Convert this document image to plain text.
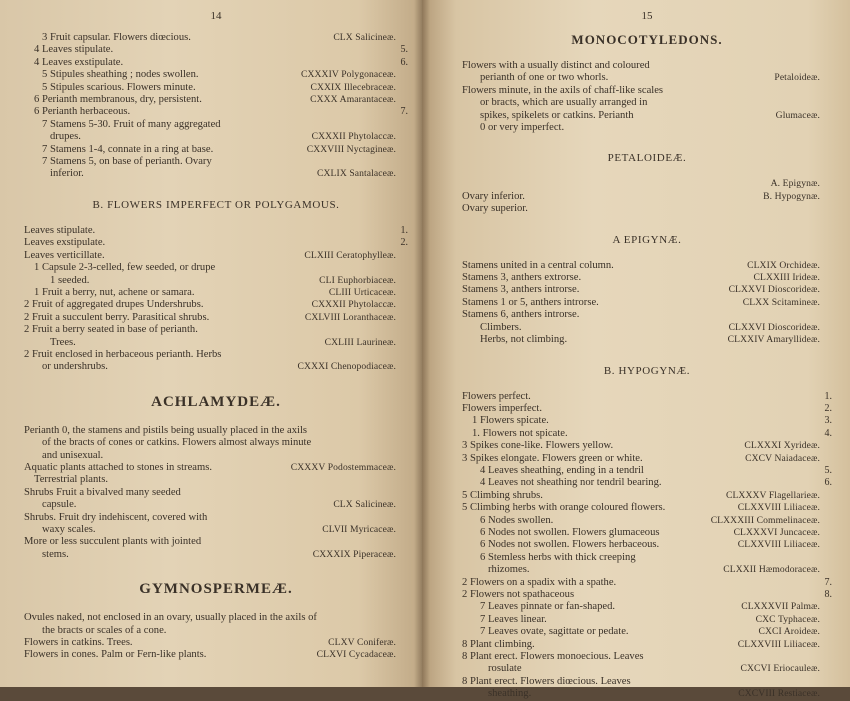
14
3 Fruit capsular. Flowers diœcious.	CLX Salicineæ.
4 Leaves stipulate.	5.
4 Leaves exstipulate.	6.
5 Stipules sheathing ; nodes swollen.	CXXXIV Polygonaceæ.
5 Stipules scarious. Flowers minute.	CXXIX Illecebraceæ.
6 Perianth membranous, dry, persistent.	CXXX Amarantaceæ.
6 Perianth herbaceous.	7.
7 Stamens 5-30. Fruit of many aggregated
drupes.	CXXXII Phytolaccæ.
7 Stamens 1-4, connate in a ring at base.	CXXVIII Nyctagineæ.
7 Stamens 5, on base of perianth. Ovary
inferior.	CXLIX Santalaceæ.
B. FLOWERS IMPERFECT OR POLYGAMOUS.
Leaves stipulate.	1.
Leaves exstipulate.	2.
Leaves verticillate.	CLXIII Ceratophylleæ.
1 Capsule 2-3-celled, few seeded, or drupe
1 seeded.	CLI Euphorbiaceæ.
1 Fruit a berry, nut, achene or samara.	CLIII Urticaceæ.
2 Fruit of aggregated drupes Undershrubs.	CXXXII Phytolaccæ.
2 Fruit a succulent berry. Parasitical shrubs.	CXLVIII Loranthaceæ.
2 Fruit a berry seated in base of perianth.
Trees.	CXLIII Laurineæ.
2 Fruit enclosed in herbaceous perianth. Herbs
or undershrubs.	CXXXI Chenopodiaceæ.
ACHLAMYDEÆ.
Perianth 0, the stamens and pistils being usually placed in the axils
of the bracts of cones or catkins. Flowers almost always minute
and unisexual.
Aquatic plants attached to stones in streams.	CXXXV Podostemmaceæ.
Terrestrial plants.
Shrubs Fruit a bivalved many seeded
capsule.	CLX Salicineæ.
Shrubs. Fruit dry indehiscent, covered with
waxy scales.	CLVII Myricaceæ.
More or less succulent plants with jointed
stems.	CXXXIX Piperaceæ.
GYMNOSPERMEÆ.
Ovules naked, not enclosed in an ovary, usually placed in the axils of
the bracts or scales of a cone.
Flowers in catkins. Trees.	CLXV Coniferæ.
Flowers in cones. Palm or Fern-like plants.	CLXVI Cycadaceæ.
15
MONOCOTYLEDONS.
Flowers with a usually distinct and coloured
perianth of one or two whorls.	Petaloideæ.
Flowers minute, in the axils of chaff-like scales
or bracts, which are usually arranged in
spikes, spikelets or catkins. Perianth	Glumaceæ.
0 or very imperfect.
PETALOIDEÆ.
A. Epigynæ.
Ovary inferior.	B. Hypogynæ.
Ovary superior.
A EPIGYNÆ.
Stamens united in a central column.	CLXIX Orchideæ.
Stamens 3, anthers extrorse.	CLXXIII Irideæ.
Stamens 3, anthers introrse.	CLXXVI Dioscorideæ.
Stamens 1 or 5, anthers introrse.	CLXX Scitamineæ.
Stamens 6, anthers introrse.
Climbers.	CLXXVI Dioscorideæ.
Herbs, not climbing.	CLXXIV Amaryllideæ.
B. HYPOGYNÆ.
Flowers perfect.	1.
Flowers imperfect.	2.
1 Flowers spicate.	3.
1. Flowers not spicate.	4.
3 Spikes cone-like. Flowers yellow.	CLXXXI Xyrideæ.
3 Spikes elongate. Flowers green or white.	CXCV Naiadaceæ.
4 Leaves sheathing, ending in a tendril	5.
4 Leaves not sheathing nor tendril bearing.	6.
5 Climbing shrubs.	CLXXXV Flagellarieæ.
5 Climbing herbs with orange coloured flowers.	CLXXVIII Liliaceæ.
6 Nodes swollen.	CLXXXIII Commelinaceæ.
6 Nodes not swollen. Flowers glumaceous	CLXXXVI Juncaceæ.
6 Nodes not swollen. Flowers herbaceous.	CLXXVIII Liliaceæ.
6 Stemless herbs with thick creeping
rhizomes.	CLXXII Hæmodoraceæ.
2 Flowers on a spadix with a spathe.	7.
2 Flowers not spathaceous	8.
7 Leaves pinnate or fan-shaped.	CLXXXVII Palmæ.
7 Leaves linear.	CXC Typhaceæ.
7 Leaves ovate, sagittate or pedate.	CXCI Aroideæ.
8 Plant climbing.	CLXXVIII Liliaceæ.
8 Plant erect. Flowers monoecious. Leaves
rosulate	CXCVI Eriocauleæ.
8 Plant erect. Flowers diœcious. Leaves
sheathing.	CXCVIII Restiaceæ.
